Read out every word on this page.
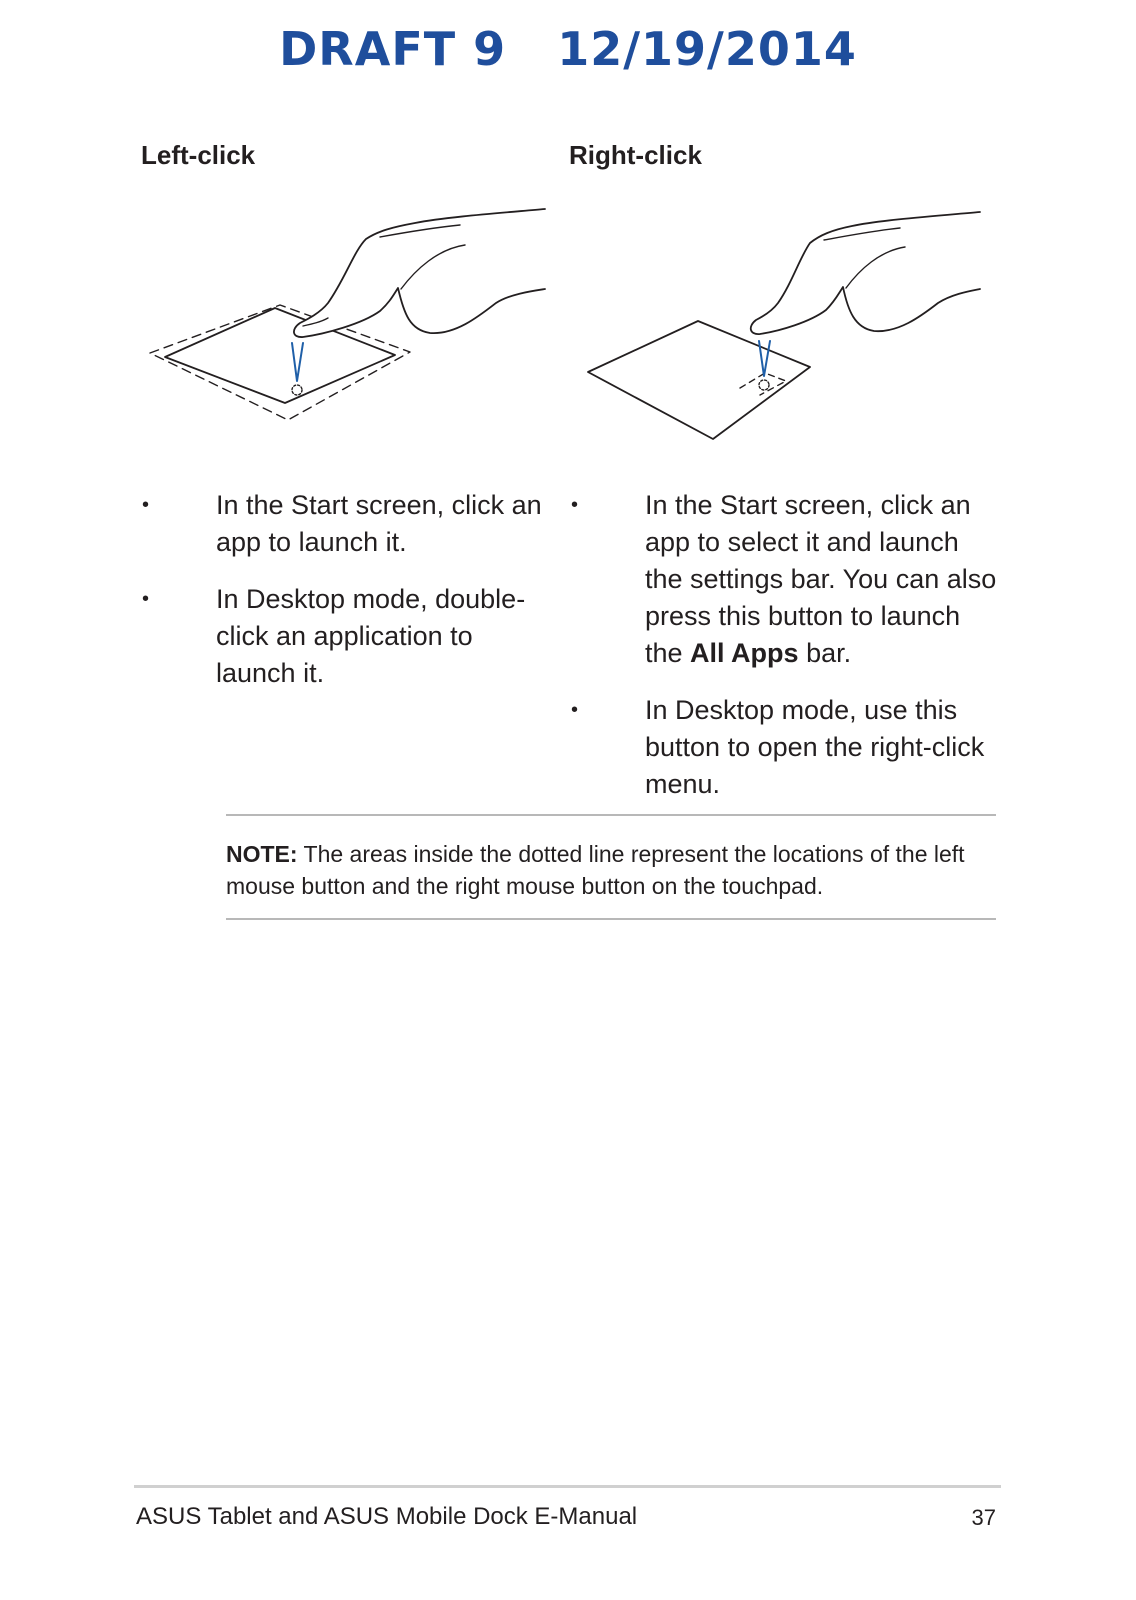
DRAFT 9 12/19/2014
Left-click	Right-click
•	In the Start screen, click an app to launch it.
•	In Desktop mode, double-click an application to launch it.
•	In the Start screen, click an app to select it and launch the settings bar. You can also press this button to launch the All Apps bar.
•	In Desktop mode, use this button to open the right-click menu.
NOTE: The areas inside the dotted line represent the locations of the left mouse button and the right mouse button on the touchpad.
ASUS Tablet and ASUS Mobile Dock E-Manual	37
